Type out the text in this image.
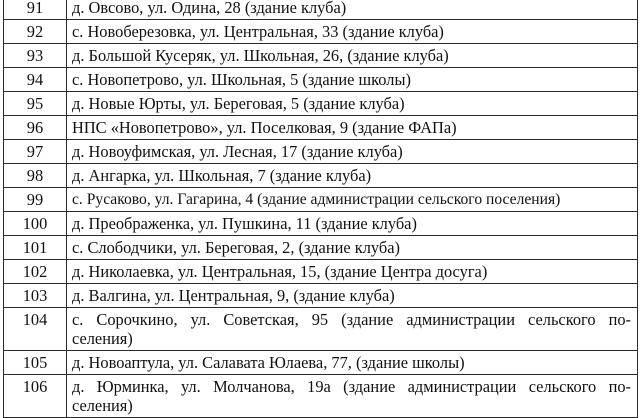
91	д. Овсово, ул. Одина, 28 (здание клуба)
92	с. Новоберезовка, ул. Центральная, 33 (здание клуба)
93	д. Большой Кусеряк, ул. Школьная, 26, (здание клуба)
94	с. Новопетрово, ул. Школьная, 5 (здание школы)
95	д. Новые Юрты, ул. Береговая, 5 (здание клуба)
96	НПС «Новопетрово», ул. Поселковая, 9 (здание ФАПа)
97	д. Новоуфимская, ул. Лесная, 17 (здание клуба)
98	д. Ангарка, ул. Школьная, 7 (здание клуба)
99	с. Русаково, ул. Гагарина, 4 (здание администрации сельского поселения)
100	д. Преображенка, ул. Пушкина, 11 (здание клуба)
101	с. Слободчики, ул. Береговая, 2, (здание клуба)
102	д. Николаевка, ул. Центральная, 15, (здание Центра досуга)
103	д. Валгина, ул. Центральная, 9, (здание клуба)
104	с. Сорочкино, ул. Советская, 95 (здание администрации сельского по-
селения)
105	д. Новоаптула, ул. Салавата Юлаева, 77, (здание школы)
106	д. Юрминка, ул. Молчанова, 19а (здание администрации сельского по-
селения)
